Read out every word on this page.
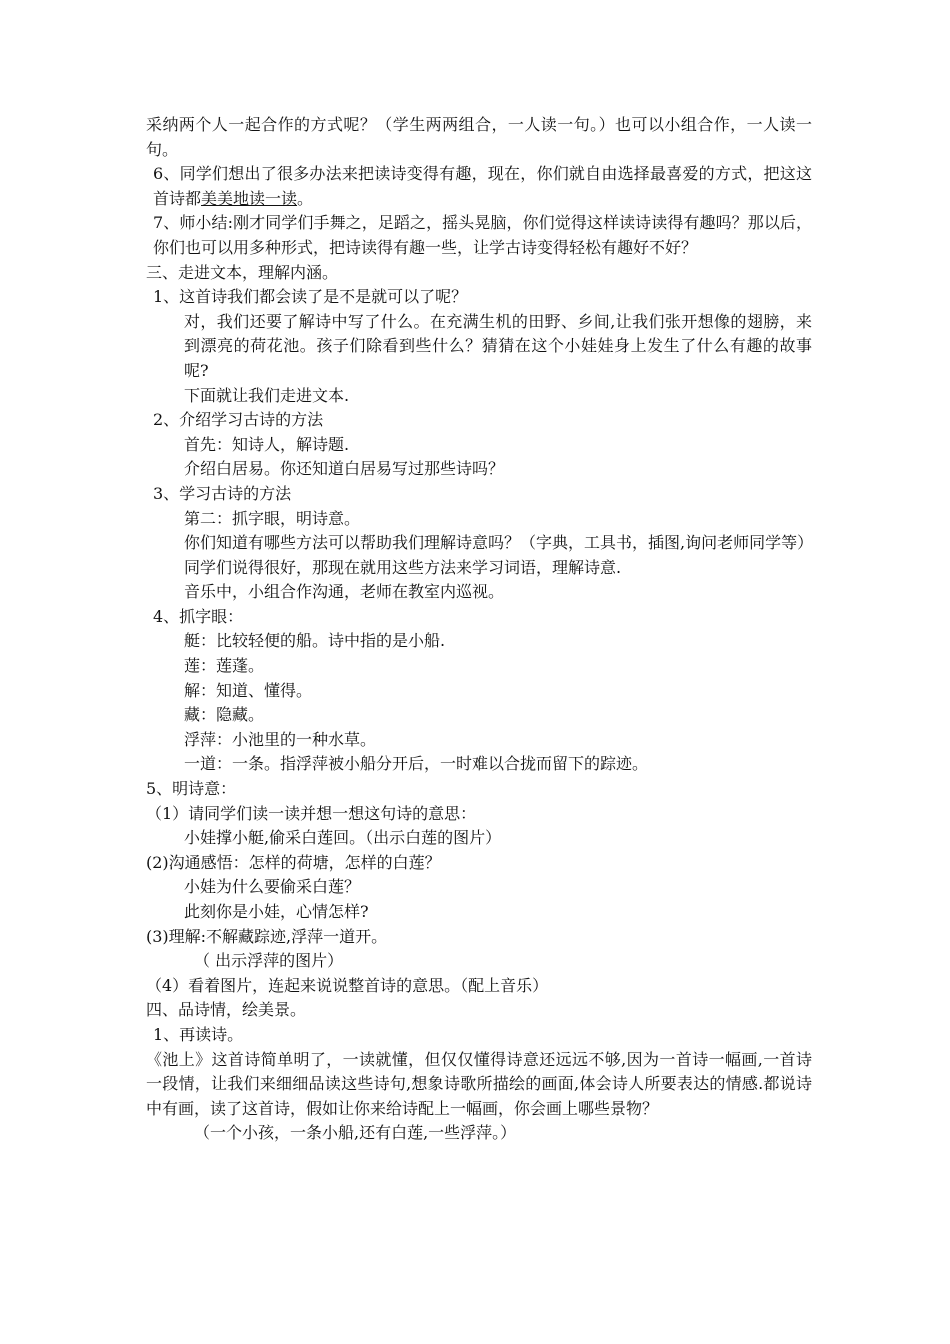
采纳两个人一起合作的方式呢？（学生两两组合，一人读一句。）也可以小组合作，一人读一句。

6、同学们想出了很多办法来把读诗变得有趣，现在，你们就自由选择最喜爱的方式，把这这首诗都美美地读一读。

7、师小结:刚才同学们手舞之，足蹈之，摇头晃脑，你们觉得这样读诗读得有趣吗？那以后，你们也可以用多种形式，把诗读得有趣一些，让学古诗变得轻松有趣好不好？

三、走进文本，理解内涵。

1、这首诗我们都会读了是不是就可以了呢？

对，我们还要了解诗中写了什么。在充满生机的田野、乡间,让我们张开想像的翅膀，来到漂亮的荷花池。孩子们除看到些什么？猜猜在这个小娃娃身上发生了什么有趣的故事呢?

下面就让我们走进文本.

2、介绍学习古诗的方法

首先：知诗人，解诗题.

介绍白居易。你还知道白居易写过那些诗吗？

3、学习古诗的方法

第二：抓字眼，明诗意。

你们知道有哪些方法可以帮助我们理解诗意吗？（字典，工具书，插图,询问老师同学等）

同学们说得很好，那现在就用这些方法来学习词语，理解诗意.

音乐中，小组合作沟通，老师在教室内巡视。

4、抓字眼：

艇：比较轻便的船。诗中指的是小船.

莲：莲蓬。

解：知道、懂得。

藏：隐藏。

浮萍：小池里的一种水草。

一道：一条。指浮萍被小船分开后，一时难以合拢而留下的踪迹。

5、明诗意：

（1）请同学们读一读并想一想这句诗的意思：

小娃撑小艇,偷采白莲回。（出示白莲的图片）

(2)沟通感悟：怎样的荷塘，怎样的白莲？

小娃为什么要偷采白莲？

此刻你是小娃，心情怎样?

(3)理解:不解藏踪迹,浮萍一道开。

（ 出示浮萍的图片）

（4）看着图片，连起来说说整首诗的意思。（配上音乐）

四、品诗情，绘美景。

1、再读诗。

《池上》这首诗简单明了，一读就懂，但仅仅懂得诗意还远远不够,因为一首诗一幅画,一首诗一段情，让我们来细细品读这些诗句,想象诗歌所描绘的画面,体会诗人所要表达的情感.都说诗中有画，读了这首诗，假如让你来给诗配上一幅画，你会画上哪些景物？

（一个小孩，一条小船,还有白莲,一些浮萍。）
